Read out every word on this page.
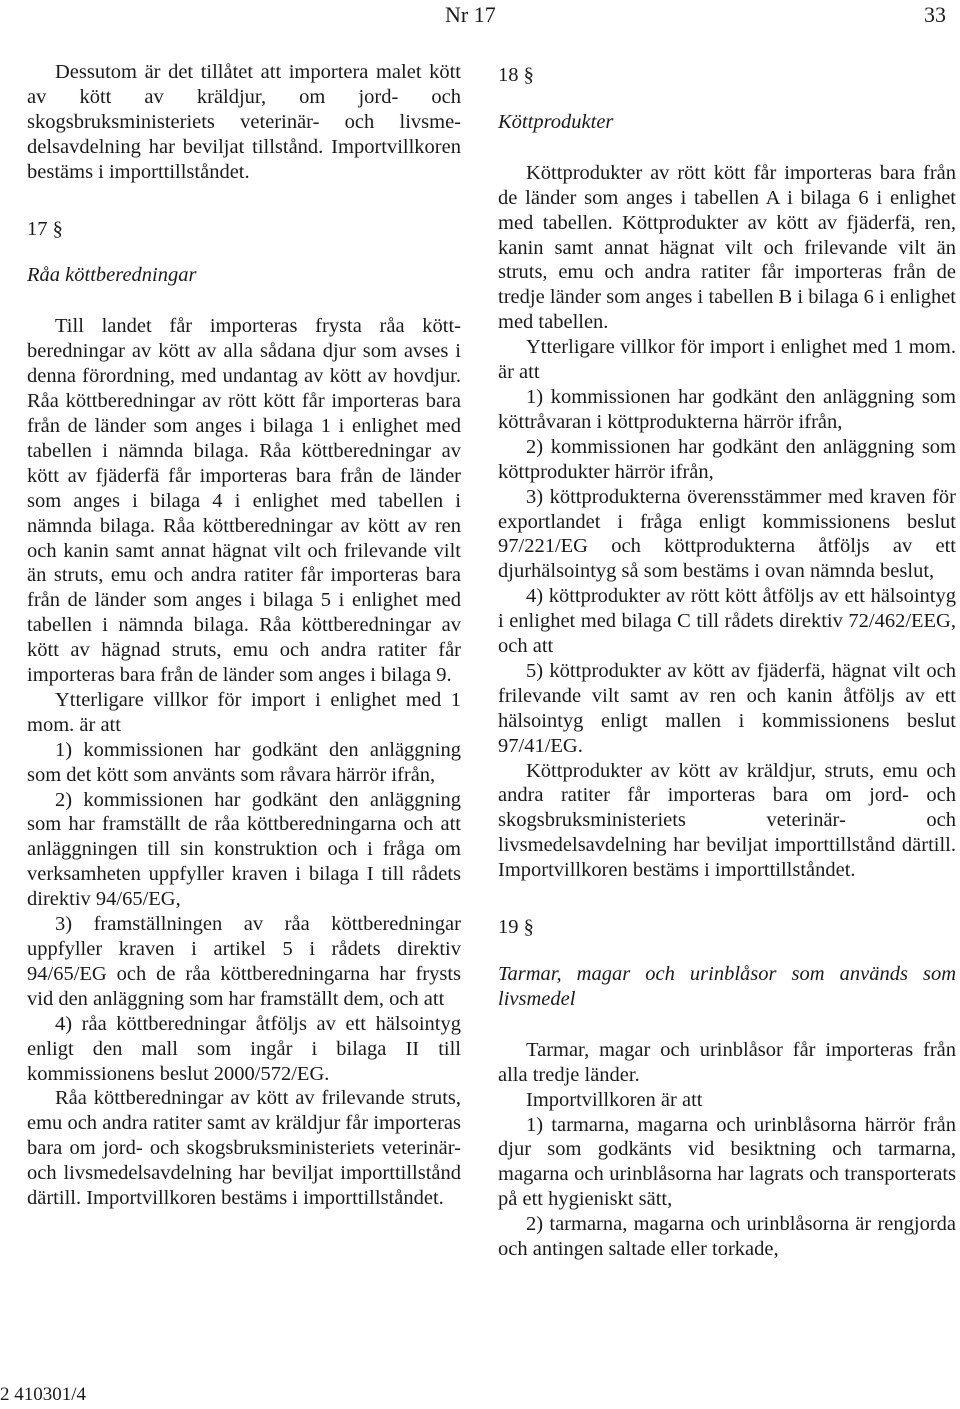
Nr 17	33

Dessutom är det tillåtet att importera malet kött av kött av kräldjur, om jord- och skogsbruksministeriets veterinär- och livsmedelsavdelning har beviljat tillstånd. Importvillkoren bestäms i importtillståndet.

17 §

Råa köttberedningar

Till landet får importeras frysta råa köttberedningar av kött av alla sådana djur som avses i denna förordning, med undantag av kött av hovdjur. Råa köttberedningar av rött kött får importeras bara från de länder som anges i bilaga 1 i enlighet med tabellen i nämnda bilaga. Råa köttberedningar av kött av fjäderfä får importeras bara från de länder som anges i bilaga 4 i enlighet med tabellen i nämnda bilaga. Råa köttberedningar av kött av ren och kanin samt annat hägnat vilt och frilevande vilt än struts, emu och andra ratiter får importeras bara från de länder som anges i bilaga 5 i enlighet med tabellen i nämnda bilaga. Råa köttberedningar av kött av hägnad struts, emu och andra ratiter får importeras bara från de länder som anges i bilaga 9.

Ytterligare villkor för import i enlighet med 1 mom. är att

1) kommissionen har godkänt den anläggning som det kött som använts som råvara härrör ifrån,

2) kommissionen har godkänt den anläggning som har framställt de råa köttberedningarna och att anläggningen till sin konstruktion och i fråga om verksamheten uppfyller kraven i bilaga I till rådets direktiv 94/65/EG,

3) framställningen av råa köttberedningar uppfyller kraven i artikel 5 i rådets direktiv 94/65/EG och de råa köttberedningarna har frysts vid den anläggning som har framställt dem, och att

4) råa köttberedningar åtföljs av ett hälsointyg enligt den mall som ingår i bilaga II till kommissionens beslut 2000/572/EG.

Råa köttberedningar av kött av frilevande struts, emu och andra ratiter samt av kräldjur får importeras bara om jord- och skogsbruksministeriets veterinär- och livsmedelsavdelning har beviljat importtillstånd därtill. Importvillkoren bestäms i importtillståndet.

18 §

Köttprodukter

Köttprodukter av rött kött får importeras bara från de länder som anges i tabellen A i bilaga 6 i enlighet med tabellen. Köttprodukter av kött av fjäderfä, ren, kanin samt annat hägnat vilt och frilevande vilt än struts, emu och andra ratiter får importeras från de tredje länder som anges i tabellen B i bilaga 6 i enlighet med tabellen.

Ytterligare villkor för import i enlighet med 1 mom. är att

1) kommissionen har godkänt den anläggning som köttråvaran i köttprodukterna härrör ifrån,

2) kommissionen har godkänt den anläggning som köttprodukter härrör ifrån,

3) köttprodukterna överensstämmer med kraven för exportlandet i fråga enligt kommissionens beslut 97/221/EG och köttprodukterna åtföljs av ett djurhälsointyg så som bestäms i ovan nämnda beslut,

4) köttprodukter av rött kött åtföljs av ett hälsointyg i enlighet med bilaga C till rådets direktiv 72/462/EEG, och att

5) köttprodukter av kött av fjäderfä, hägnat vilt och frilevande vilt samt av ren och kanin åtföljs av ett hälsointyg enligt mallen i kommissionens beslut 97/41/EG.

Köttprodukter av kött av kräldjur, struts, emu och andra ratiter får importeras bara om jord- och skogsbruksministeriets veterinär- och livsmedelsavdelning har beviljat importtillstånd därtill. Importvillkoren bestäms i importtillståndet.

19 §

Tarmar, magar och urinblåsor som används som livsmedel

Tarmar, magar och urinblåsor får importeras från alla tredje länder.

Importvillkoren är att

1) tarmarna, magarna och urinblåsorna härrör från djur som godkänts vid besiktning och tarmarna, magarna och urinblåsorna har lagrats och transporterats på ett hygieniskt sätt,

2) tarmarna, magarna och urinblåsorna är rengjorda och antingen saltade eller torkade,

2 410301/4
